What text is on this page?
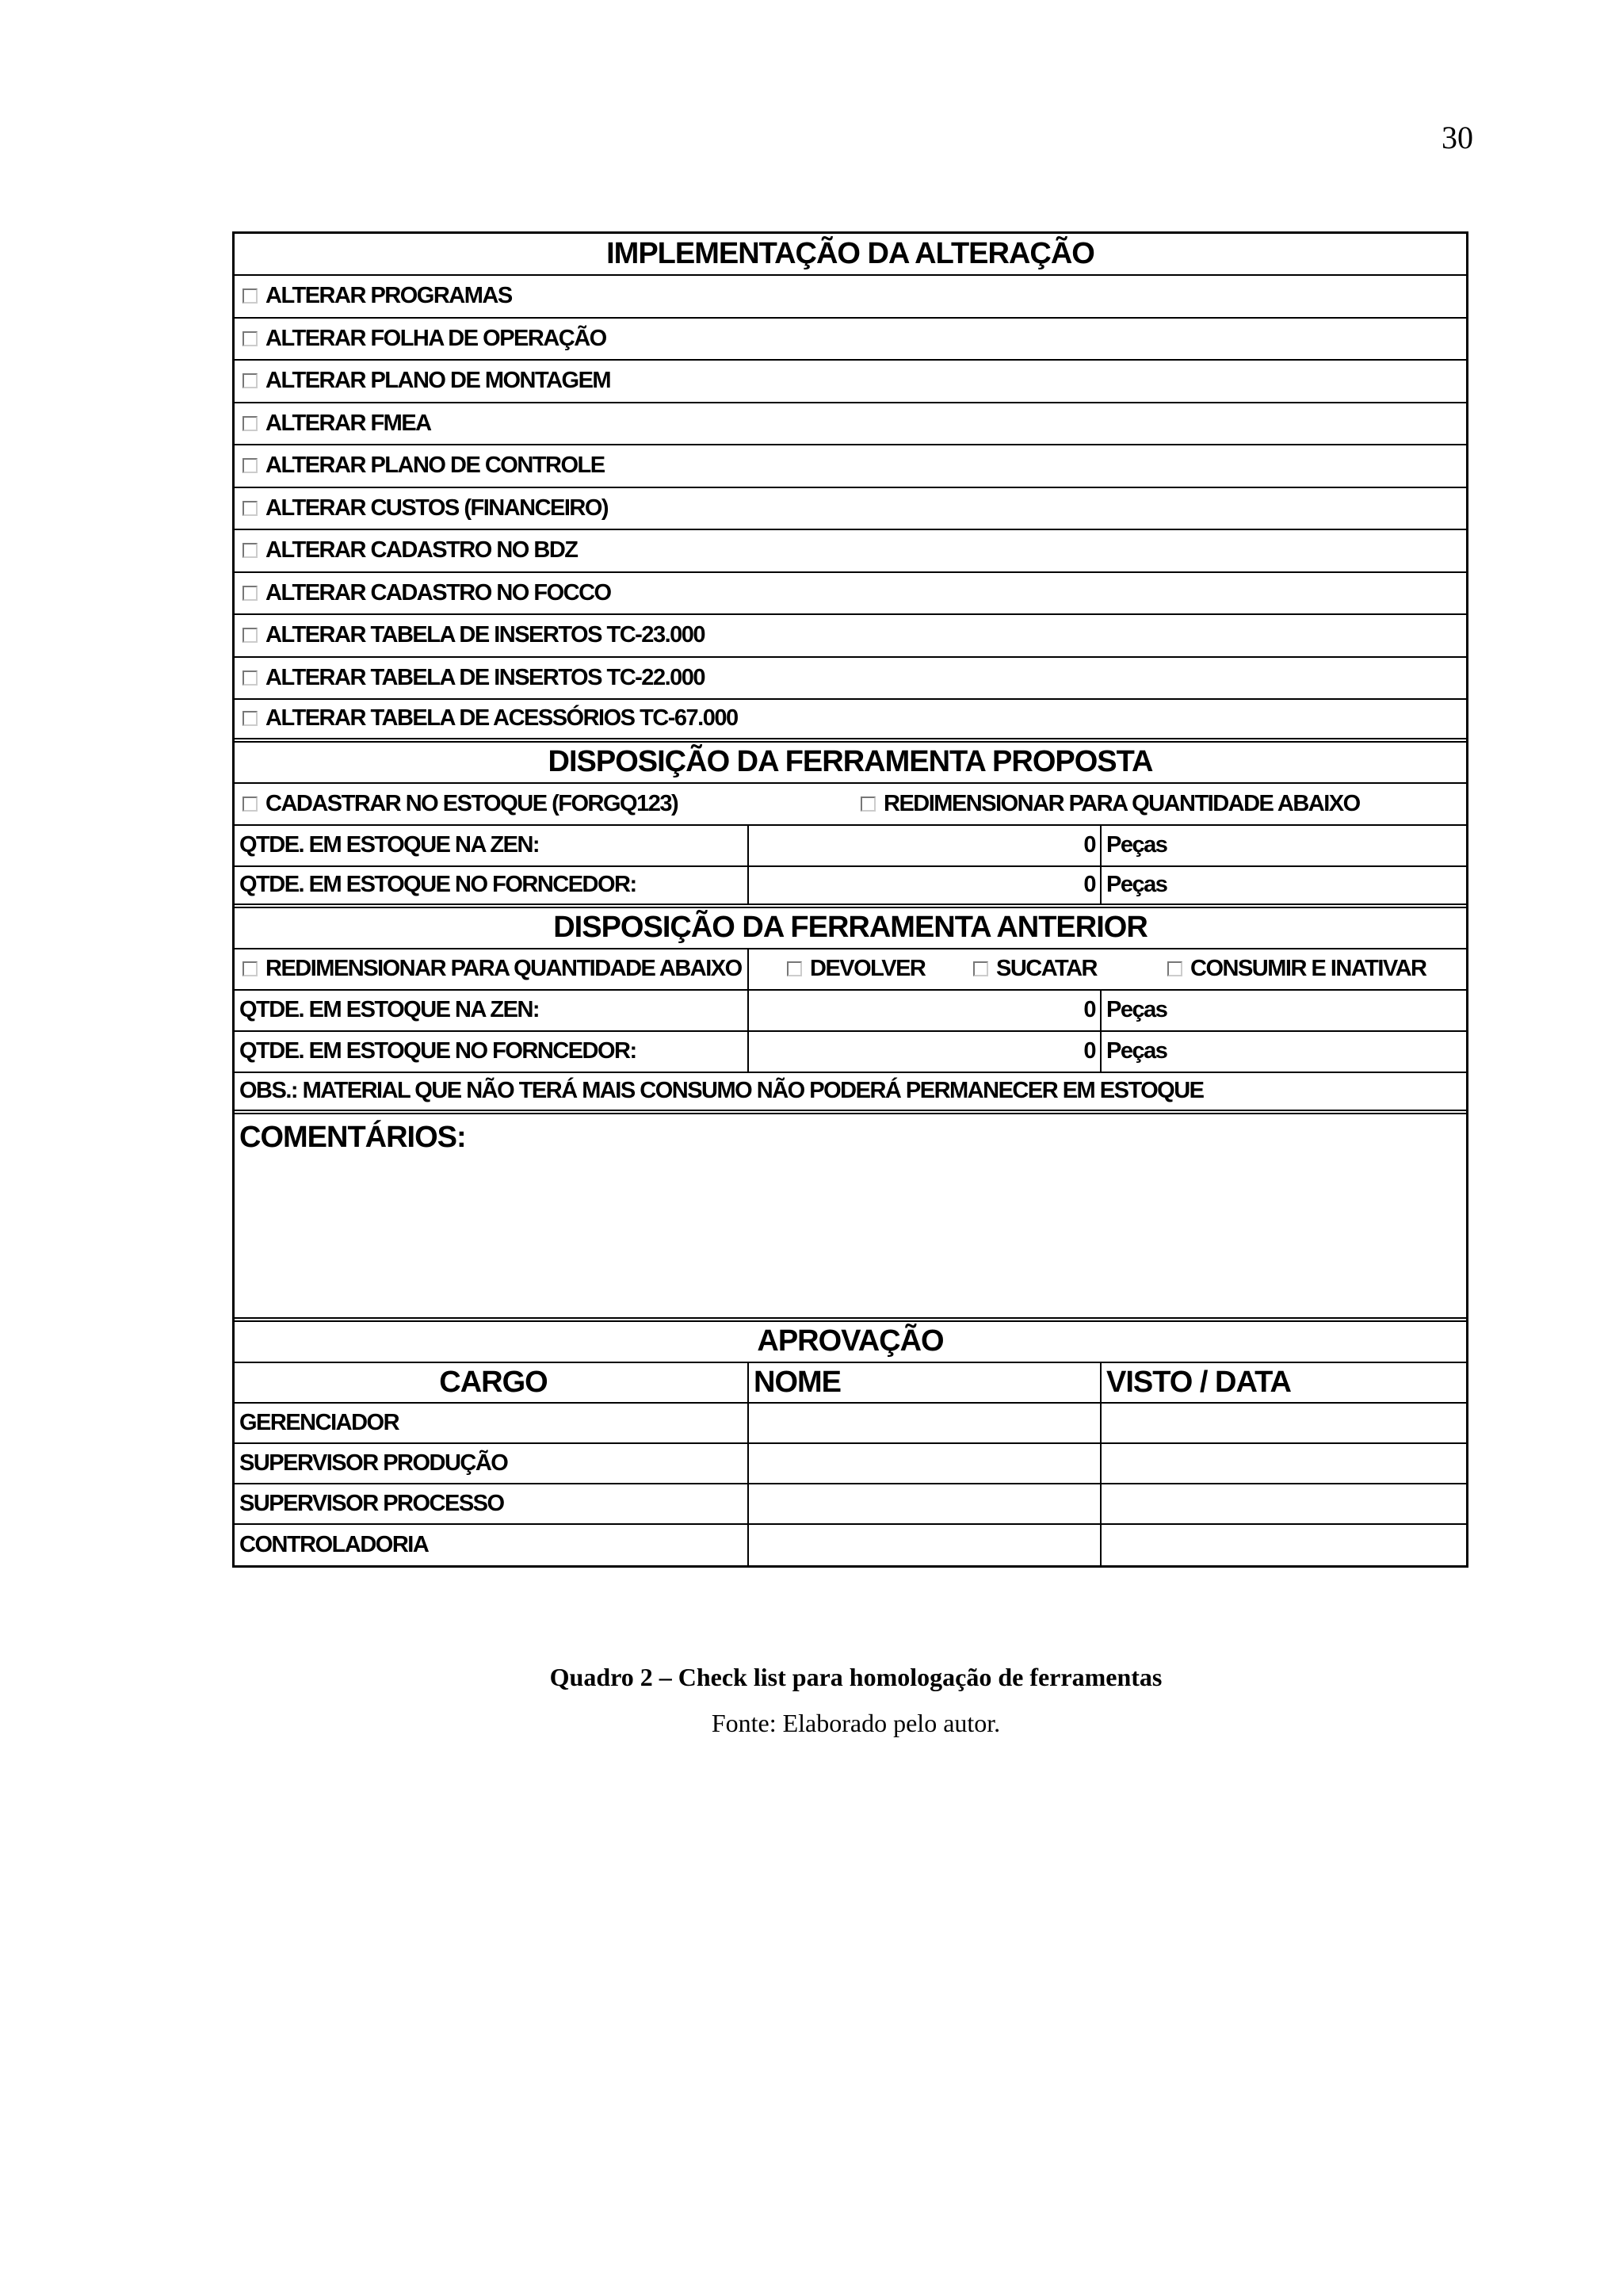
30
IMPLEMENTAÇÃO DA ALTERAÇÃO
ALTERAR PROGRAMAS
ALTERAR FOLHA DE OPERAÇÃO
ALTERAR PLANO DE MONTAGEM
ALTERAR FMEA
ALTERAR PLANO DE CONTROLE
ALTERAR CUSTOS (FINANCEIRO)
ALTERAR CADASTRO NO BDZ
ALTERAR CADASTRO NO FOCCO
ALTERAR TABELA DE INSERTOS TC-23.000
ALTERAR TABELA DE INSERTOS TC-22.000
ALTERAR TABELA DE ACESSÓRIOS TC-67.000
DISPOSIÇÃO DA FERRAMENTA PROPOSTA
CADASTRAR NO ESTOQUE (FORGQ123)	REDIMENSIONAR PARA QUANTIDADE ABAIXO
QTDE. EM ESTOQUE NA ZEN:	0 Peças
QTDE. EM ESTOQUE NO FORNCEDOR:	0 Peças
DISPOSIÇÃO DA FERRAMENTA ANTERIOR
REDIMENSIONAR PARA QUANTIDADE ABAIXO	DEVOLVER	SUCATAR	CONSUMIR E INATIVAR
QTDE. EM ESTOQUE NA ZEN:	0 Peças
QTDE. EM ESTOQUE NO FORNCEDOR:	0 Peças
OBS.: MATERIAL QUE NÃO TERÁ MAIS CONSUMO NÃO PODERÁ PERMANECER EM ESTOQUE
COMENTÁRIOS:
APROVAÇÃO
CARGO	NOME	VISTO / DATA
GERENCIADOR
SUPERVISOR PRODUÇÃO
SUPERVISOR PROCESSO
CONTROLADORIA
Quadro 2 – Check list para homologação de ferramentas
Fonte: Elaborado pelo autor.
